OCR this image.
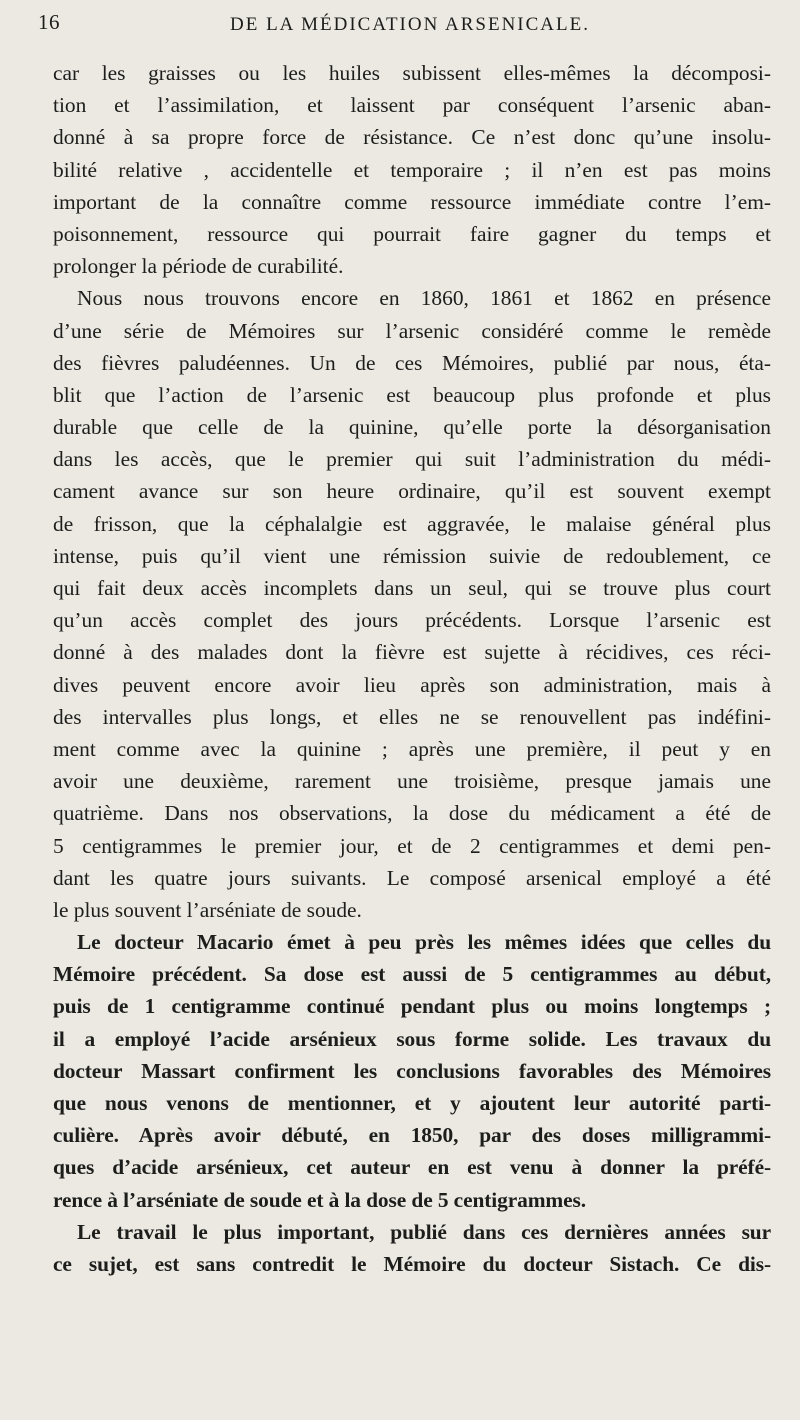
16	DE LA MÉDICATION ARSENICALE.
car les graisses ou les huiles subissent elles-mêmes la décomposi-
tion et l’assimilation, et laissent par conséquent l’arsenic aban-
donné à sa propre force de résistance. Ce n’est donc qu’une insolu-
bilité relative , accidentelle et temporaire ; il n’en est pas moins
important de la connaître comme ressource immédiate contre l’em-
poisonnement, ressource qui pourrait faire gagner du temps et
prolonger la période de curabilité.
Nous nous trouvons encore en 1860, 1861 et 1862 en présence
d’une série de Mémoires sur l’arsenic considéré comme le remède
des fièvres paludéennes. Un de ces Mémoires, publié par nous, éta-
blit que l’action de l’arsenic est beaucoup plus profonde et plus
durable que celle de la quinine, qu’elle porte la désorganisation
dans les accès, que le premier qui suit l’administration du médi-
cament avance sur son heure ordinaire, qu’il est souvent exempt
de frisson, que la céphalalgie est aggravée, le malaise général plus
intense, puis qu’il vient une rémission suivie de redoublement, ce
qui fait deux accès incomplets dans un seul, qui se trouve plus court
qu’un accès complet des jours précédents. Lorsque l’arsenic est
donné à des malades dont la fièvre est sujette à récidives, ces réci-
dives peuvent encore avoir lieu après son administration, mais à
des intervalles plus longs, et elles ne se renouvellent pas indéfini-
ment comme avec la quinine ; après une première, il peut y en
avoir une deuxième, rarement une troisième, presque jamais une
quatrième. Dans nos observations, la dose du médicament a été de
5 centigrammes le premier jour, et de 2 centigrammes et demi pen-
dant les quatre jours suivants. Le composé arsenical employé a été
le plus souvent l’arséniate de soude.
Le docteur Macario émet à peu près les mêmes idées que celles du
Mémoire précédent. Sa dose est aussi de 5 centigrammes au début,
puis de 1 centigramme continué pendant plus ou moins longtemps ;
il a employé l’acide arsénieux sous forme solide. Les travaux du
docteur Massart confirment les conclusions favorables des Mémoires
que nous venons de mentionner, et y ajoutent leur autorité parti-
culière. Après avoir débuté, en 1850, par des doses milligrammi-
ques d’acide arsénieux, cet auteur en est venu à donner la préfé-
rence à l’arséniate de soude et à la dose de 5 centigrammes.
Le travail le plus important, publié dans ces dernières années sur
ce sujet, est sans contredit le Mémoire du docteur Sistach. Ce dis-
